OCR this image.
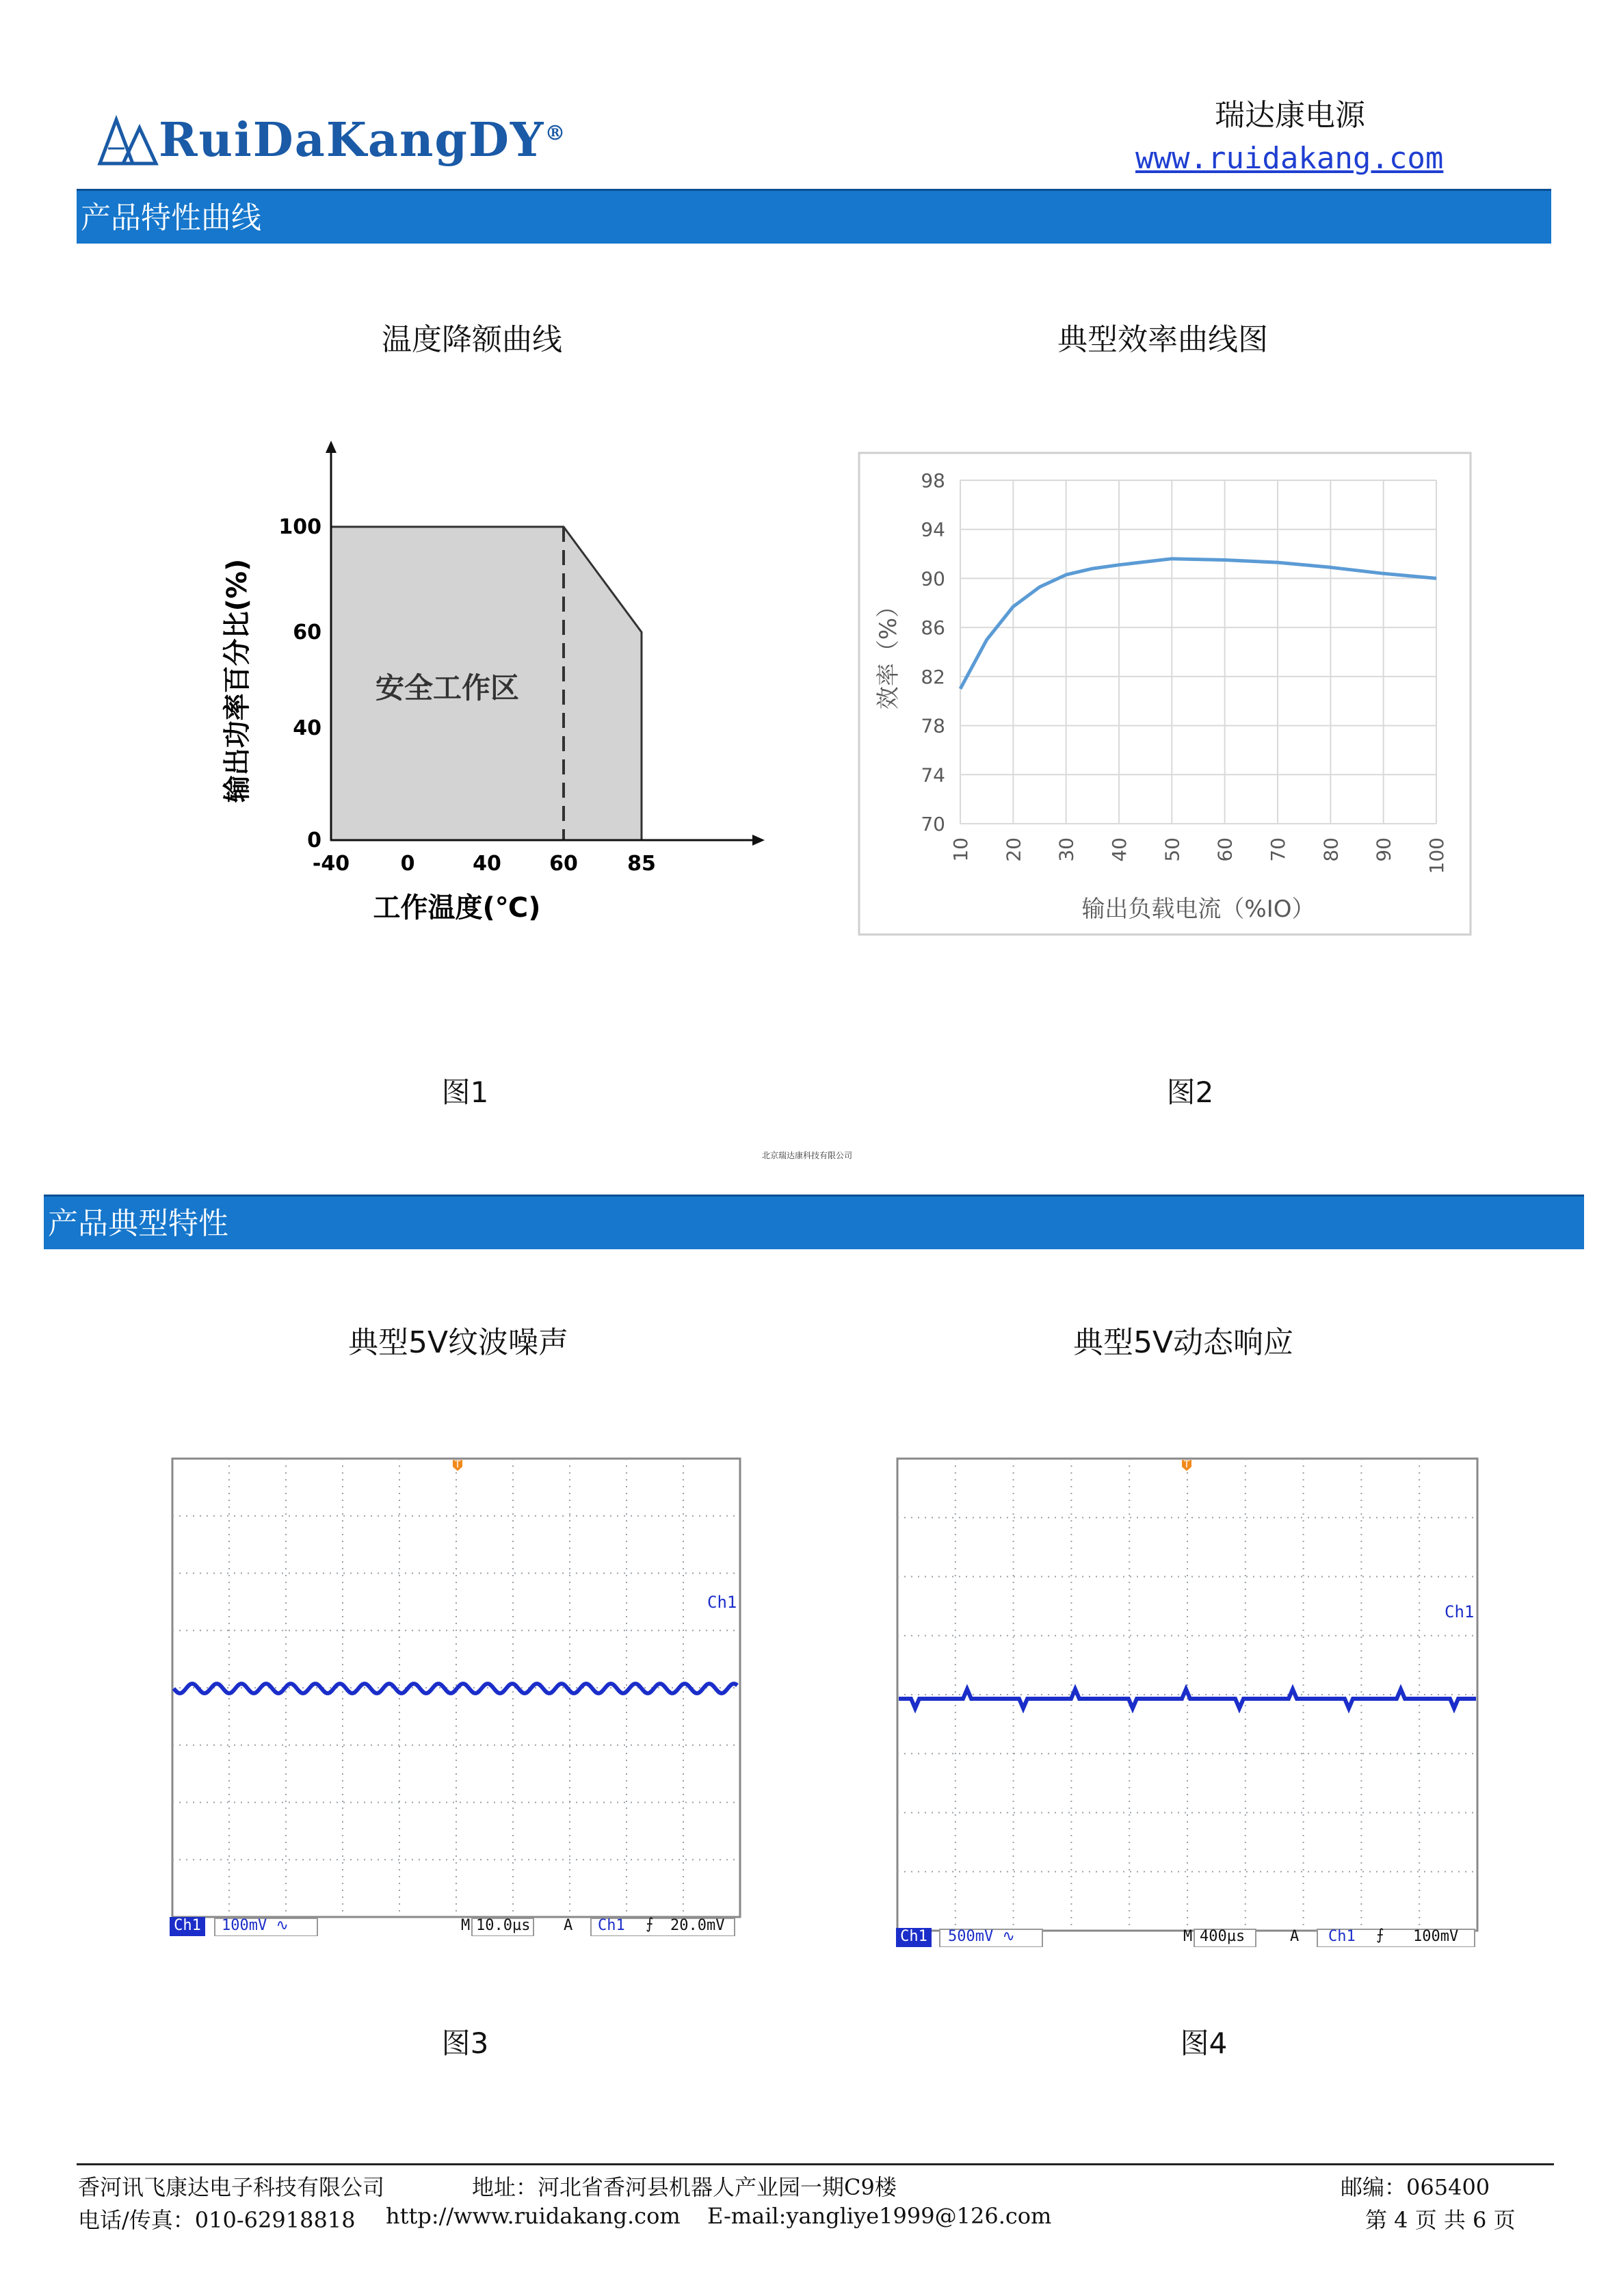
RuiDaKangDY®
瑞达康电源
www.ruidakang.com
产品特性曲线
温度降额曲线	典型效率曲线图
-40 0	40 60 85
0
40
60
100
安全工作区
工作温度(℃)
输出功率百分比(%)
70
74
78
82
86
90
94
98
10 20 30 40 50 60 70 80 90 100
输出负载电流（%IO）
效率（%）
图1	图2
北京瑞达康科技有限公司
产品典型特性
典型5V纹波噪声	典型5V动态响应
Ch1
Ch1 100mV ∿	M 10.0µs A Ch1 ⨍ 20.0mV
T
Ch1
Ch1 500mV ∿	M 400µs	A Ch1 ⨍ 100mV
T
图3	图4
香河讯飞康达电子科技有限公司	地址：河北省香河县机器人产业园一期C9楼	邮编：065400
电话/传真：010-62918818 http://www.ruidakang.com E-mail:yangliye1999@126.com	第 4 页 共 6 页
